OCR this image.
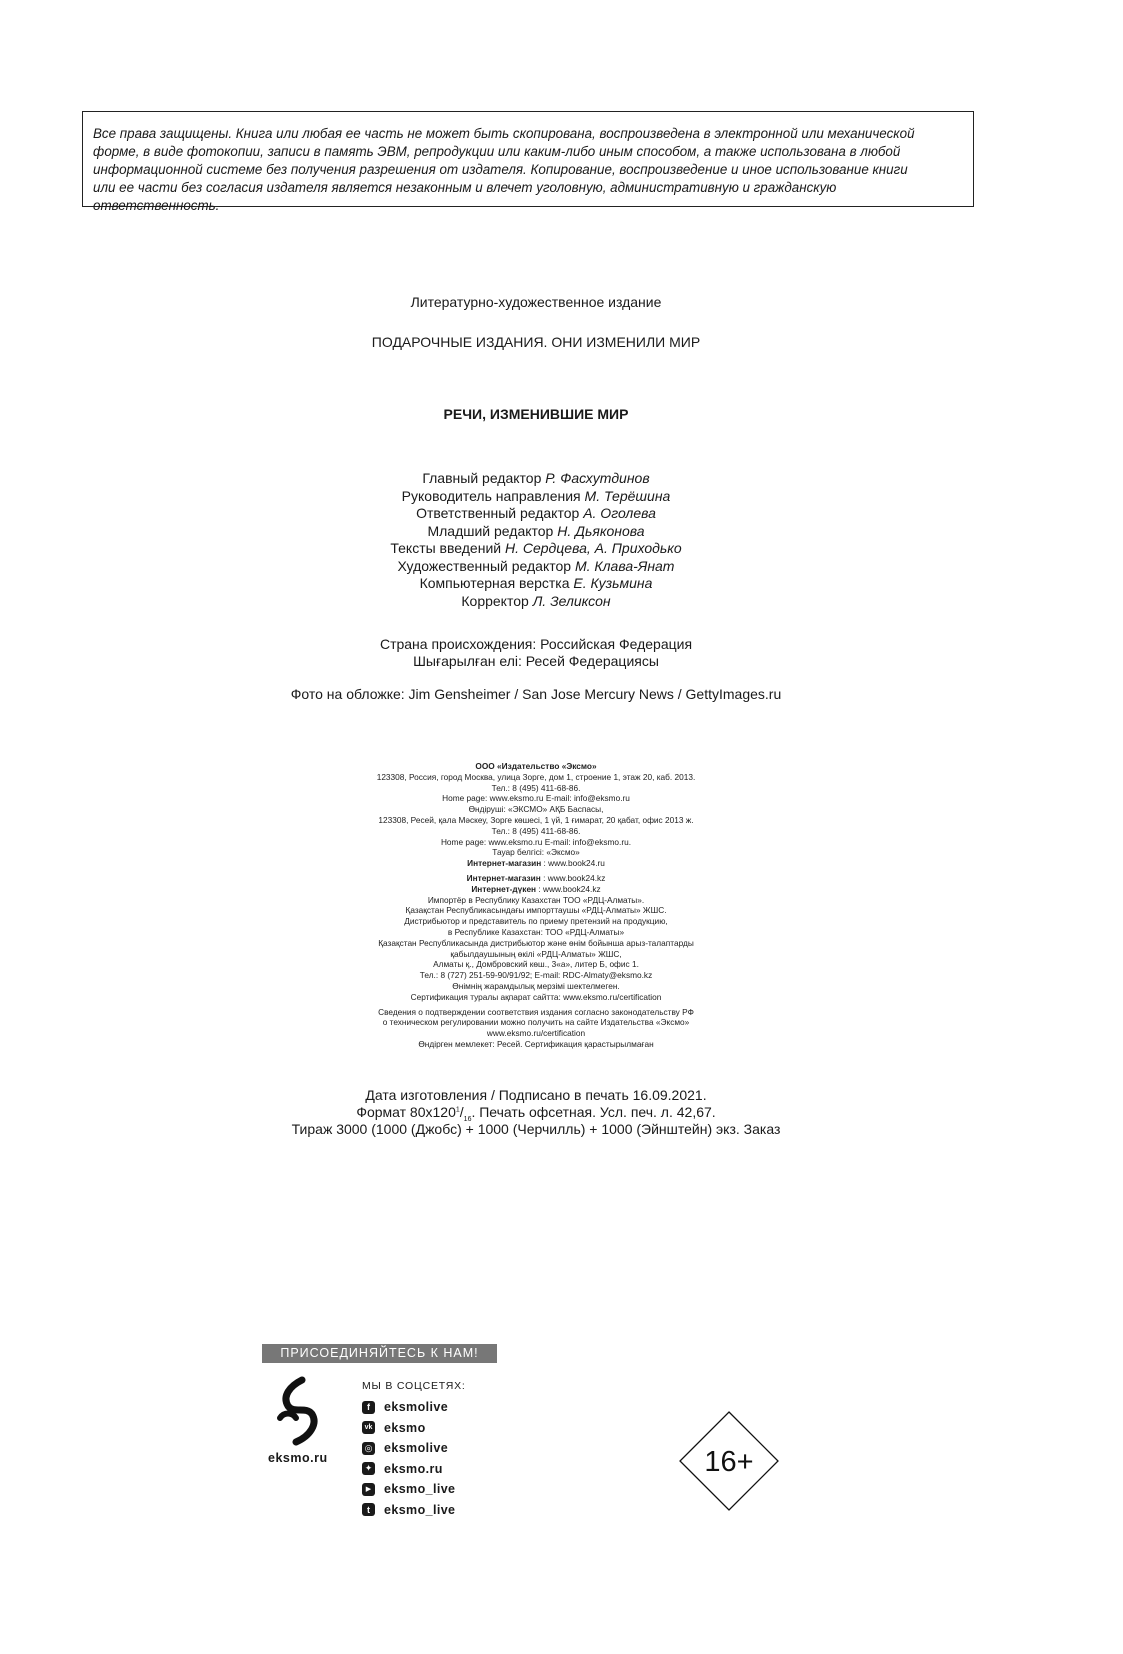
Все права защищены. Книга или любая ее часть не может быть скопирована, воспроизведена в электронной или механической
форме, в виде фотокопии, записи в память ЭВМ, репродукции или каким-либо иным способом, а также использована в любой
информационной системе без получения разрешения от издателя. Копирование, воспроизведение и иное использование книги
или ее части без согласия издателя является незаконным и влечет уголовную, административную и гражданскую ответственность.
Литературно-художественное издание
ПОДАРОЧНЫЕ ИЗДАНИЯ. ОНИ ИЗМЕНИЛИ МИР
РЕЧИ, ИЗМЕНИВШИЕ МИР
Главный редактор Р. Фасхутдинов
Руководитель направления М. Терёшина
Ответственный редактор А. Оголева
Младший редактор Н. Дьяконова
Тексты введений Н. Сердцева, А. Приходько
Художественный редактор М. Клава-Янат
Компьютерная верстка Е. Кузьмина
Корректор Л. Зеликсон
Страна происхождения: Российская Федерация
Шығарылған елі: Ресей Федерациясы
Фото на обложке: Jim Gensheimer / San Jose Mercury News / GettyImages.ru
ООО «Издательство «Эксмо»
123308, Россия, город Москва, улица Зорге, дом 1, строение 1, этаж 20, каб. 2013.
Тел.: 8 (495) 411-68-86.
Home page: www.eksmo.ru E-mail: info@eksmo.ru
Өндіруші: «ЭКСМО» АҚБ Баспасы,
123308, Ресей, қала Мәскеу, Зорге көшесі, 1 үй, 1 ғимарат, 20 қабат, офис 2013 ж.
Тел.: 8 (495) 411-68-86.
Home page: www.eksmo.ru E-mail: info@eksmo.ru.
Тауар белгісі: «Эксмо»
Интернет-магазин : www.book24.ru
Интернет-магазин : www.book24.kz
Интернет-дүкен : www.book24.kz
Импортёр в Республику Казахстан ТОО «РДЦ-Алматы».
Қазақстан Республикасындағы импорттаушы «РДЦ-Алматы» ЖШС.
Дистрибьютор и представитель по приему претензий на продукцию,
в Республике Казахстан: ТОО «РДЦ-Алматы»
Қазақстан Республикасында дистрибьютор және өнім бойынша арыз-талаптарды
қабылдаушының өкілі «РДЦ-Алматы» ЖШС,
Алматы қ., Домбровский көш., 3«а», литер Б, офис 1.
Тел.: 8 (727) 251-59-90/91/92; E-mail: RDC-Almaty@eksmo.kz
Өнімнің жарамдылық мерзімі шектелмеген.
Сертификация туралы ақпарат сайтта: www.eksmo.ru/certification
Сведения о подтверждении соответствия издания согласно законодательству РФ
о техническом регулировании можно получить на сайте Издательства «Эксмо»
www.eksmo.ru/certification
Өндірген мемлекет: Ресей. Сертификация қарастырылмаған
Дата изготовления / Подписано в печать 16.09.2021.
Формат $80х120^1/_{16}$. Печать офсетная. Усл. печ. л. 42,67.
Тираж 3000 (1000 (Джобс) + 1000 (Черчилль) + 1000 (Эйнштейн) экз. Заказ
ПРИСОЕДИНЯЙТЕСЬ К НАМ!
eksmo.ru
МЫ В СОЦСЕТЯХ:
f	eksmolive
vk eksmo
◎ eksmolive
✦ eksmo.ru
▶	eksmo_live
t	eksmo_live
16+
